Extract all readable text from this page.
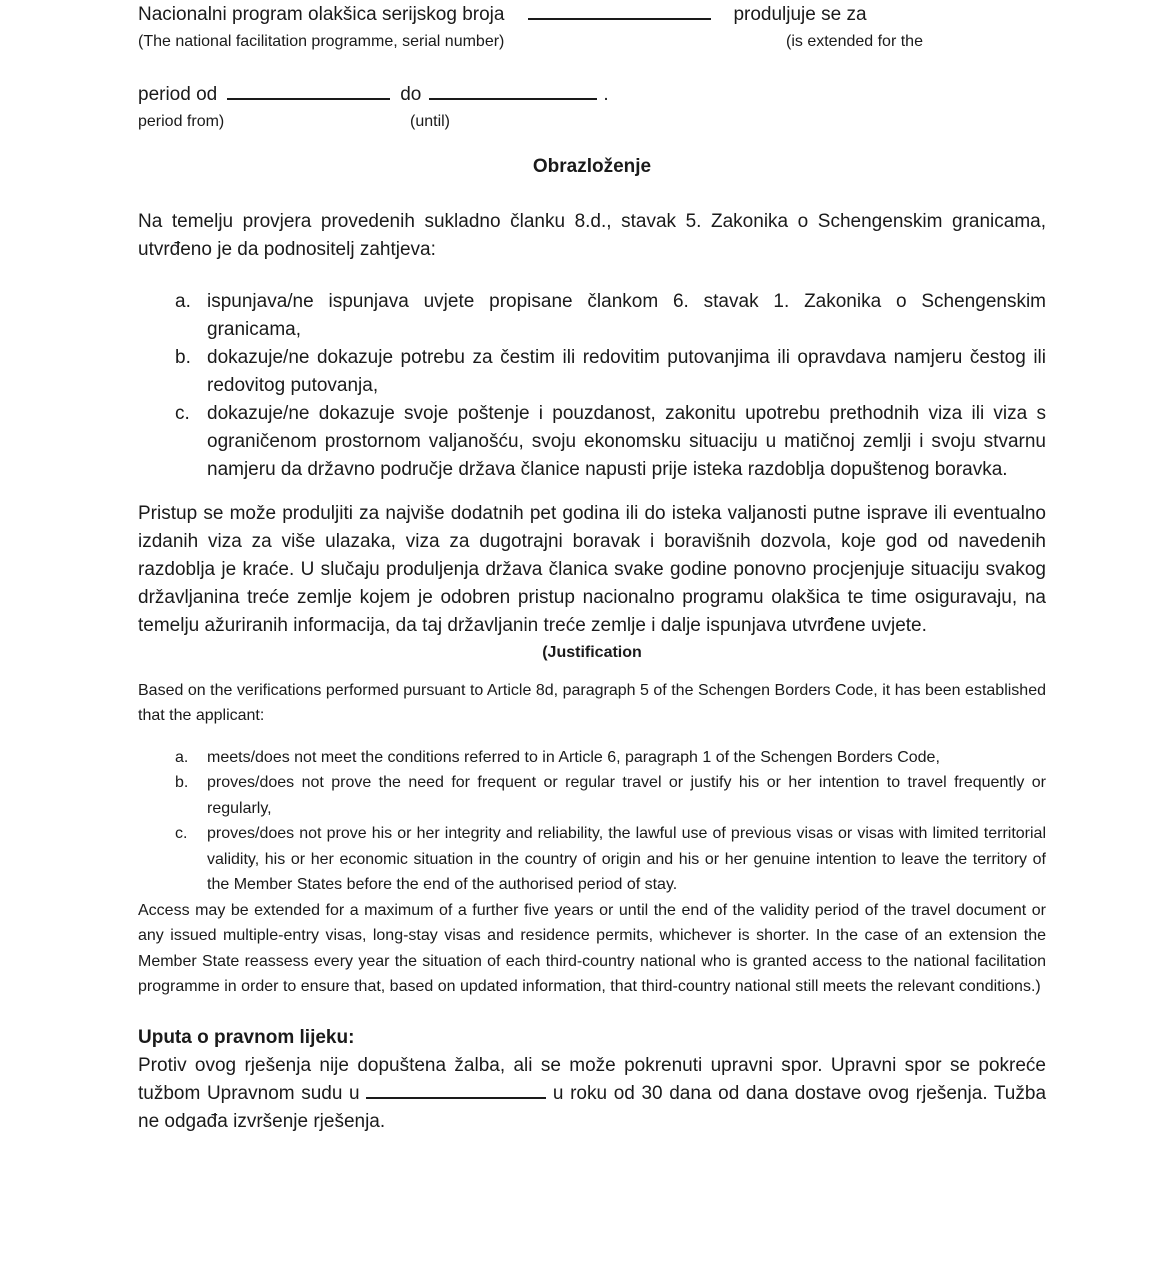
Nacionalni program olakšica serijskog broja	produljuje se za
(The national facilitation programme, serial number)	(is extended for the
period od	do	.
period from)	(until)
Obrazloženje

Na temelju provjera provedenih sukladno članku 8.d., stavak 5. Zakonika o Schengenskim granicama, utvrđeno je da podnositelj zahtjeva:

a. ispunjava/ne ispunjava uvjete propisane člankom 6. stavak 1. Zakonika o Schengenskim granicama,
b. dokazuje/ne dokazuje potrebu za čestim ili redovitim putovanjima ili opravdava namjeru čestog ili redovitog putovanja,
c. dokazuje/ne dokazuje svoje poštenje i pouzdanost, zakonitu upotrebu prethodnih viza ili viza s ograničenom prostornom valjanošću, svoju ekonomsku situaciju u matičnoj zemlji i svoju stvarnu namjeru da državno područje država članice napusti prije isteka razdoblja dopuštenog boravka.

Pristup se može produljiti za najviše dodatnih pet godina ili do isteka valjanosti putne isprave ili eventualno izdanih viza za više ulazaka, viza za dugotrajni boravak i boravišnih dozvola, koje god od navedenih razdoblja je kraće. U slučaju produljenja država članica svake godine ponovno procjenjuje situaciju svakog državljanina treće zemlje kojem je odobren pristup nacionalno programu olakšica te time osiguravaju, na temelju ažuriranih informacija, da taj državljanin treće zemlje i dalje ispunjava utvrđene uvjete.

(Justification

Based on the verifications performed pursuant to Article 8d, paragraph 5 of the Schengen Borders Code, it has been established that the applicant:

a.	meets/does not meet the conditions referred to in Article 6, paragraph 1 of the Schengen Borders Code,
b.	proves/does not prove the need for frequent or regular travel or justify his or her intention to travel frequently or regularly,
c.	proves/does not prove his or her integrity and reliability, the lawful use of previous visas or visas with limited territorial validity, his or her economic situation in the country of origin and his or her genuine intention to leave the territory of the Member States before the end of the authorised period of stay.

Access may be extended for a maximum of a further five years or until the end of the validity period of the travel document or any issued multiple-entry visas, long-stay visas and residence permits, whichever is shorter. In the case of an extension the Member State reassess every year the situation of each third-country national who is granted access to the national facilitation programme in order to ensure that, based on updated information, that third-country national still meets the relevant conditions.)

Uputa o pravnom lijeku:

Protiv ovog rješenja nije dopuštena žalba, ali se može pokrenuti upravni spor. Upravni spor se pokreće tužbom Upravnom sudu u	u roku od 30 dana od dana dostave ovog rješenja. Tužba ne odgađa izvršenje rješenja.
